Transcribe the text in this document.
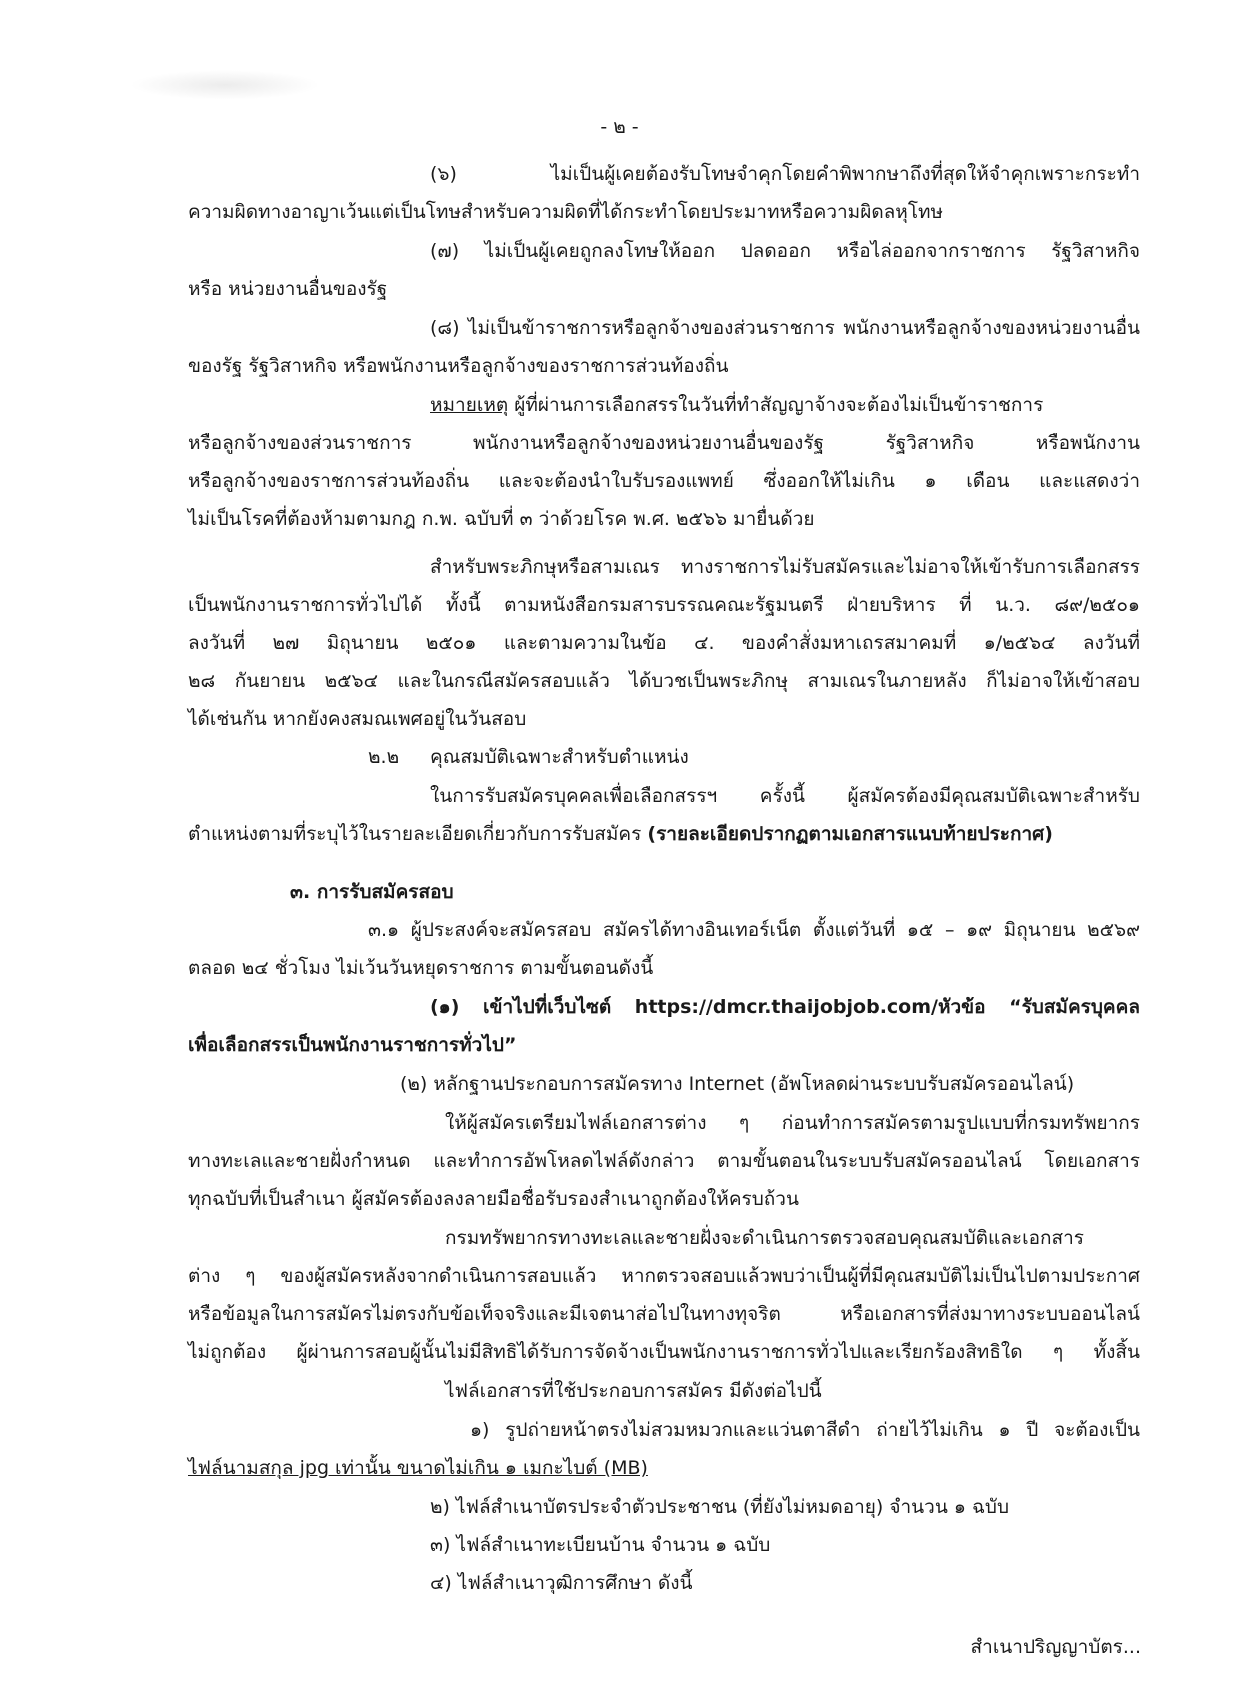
- ๒ -
(๖) ไม่เป็นผู้เคยต้องรับโทษจำคุกโดยคำพิพากษาถึงที่สุดให้จำคุกเพราะกระทำ
ความผิดทางอาญาเว้นแต่เป็นโทษสำหรับความผิดที่ได้กระทำโดยประมาทหรือความผิดลหุโทษ
(๗) ไม่เป็นผู้เคยถูกลงโทษให้ออก ปลดออก หรือไล่ออกจากราชการ รัฐวิสาหกิจ
หรือ หน่วยงานอื่นของรัฐ
(๘) ไม่เป็นข้าราชการหรือลูกจ้างของส่วนราชการ พนักงานหรือลูกจ้างของหน่วยงานอื่น
ของรัฐ รัฐวิสาหกิจ หรือพนักงานหรือลูกจ้างของราชการส่วนท้องถิ่น
หมายเหตุ ผู้ที่ผ่านการเลือกสรรในวันที่ทำสัญญาจ้างจะต้องไม่เป็นข้าราชการ
หรือลูกจ้างของส่วนราชการ พนักงานหรือลูกจ้างของหน่วยงานอื่นของรัฐ รัฐวิสาหกิจ หรือพนักงาน
หรือลูกจ้างของราชการส่วนท้องถิ่น และจะต้องนำใบรับรองแพทย์ ซึ่งออกให้ไม่เกิน ๑ เดือน และแสดงว่า
ไม่เป็นโรคที่ต้องห้ามตามกฎ ก.พ. ฉบับที่ ๓ ว่าด้วยโรค พ.ศ. ๒๕๖๖ มายื่นด้วย
สำหรับพระภิกษุหรือสามเณร ทางราชการไม่รับสมัครและไม่อาจให้เข้ารับการเลือกสรร
เป็นพนักงานราชการทั่วไปได้ ทั้งนี้ ตามหนังสือกรมสารบรรณคณะรัฐมนตรี ฝ่ายบริหาร ที่ น.ว. ๘๙/๒๕๐๑
ลงวันที่ ๒๗ มิถุนายน ๒๕๐๑ และตามความในข้อ ๔. ของคำสั่งมหาเถรสมาคมที่ ๑/๒๕๖๔ ลงวันที่
๒๘ กันยายน ๒๕๖๔ และในกรณีสมัครสอบแล้ว ได้บวชเป็นพระภิกษุ สามเณรในภายหลัง ก็ไม่อาจให้เข้าสอบ
ได้เช่นกัน หากยังคงสมณเพศอยู่ในวันสอบ
๒.๒ คุณสมบัติเฉพาะสำหรับตำแหน่ง
ในการรับสมัครบุคคลเพื่อเลือกสรรฯ ครั้งนี้ ผู้สมัครต้องมีคุณสมบัติเฉพาะสำหรับ
ตำแหน่งตามที่ระบุไว้ในรายละเอียดเกี่ยวกับการรับสมัคร (รายละเอียดปรากฏตามเอกสารแนบท้ายประกาศ)
๓. การรับสมัครสอบ
๓.๑ ผู้ประสงค์จะสมัครสอบ สมัครได้ทางอินเทอร์เน็ต ตั้งแต่วันที่ ๑๕ – ๑๙ มิถุนายน ๒๕๖๙
ตลอด ๒๔ ชั่วโมง ไม่เว้นวันหยุดราชการ ตามขั้นตอนดังนี้
(๑) เข้าไปที่เว็บไซต์ https://dmcr.thaijobjob.com/หัวข้อ “รับสมัครบุคคล
เพื่อเลือกสรรเป็นพนักงานราชการทั่วไป”
(๒) หลักฐานประกอบการสมัครทาง Internet (อัพโหลดผ่านระบบรับสมัครออนไลน์)
ให้ผู้สมัครเตรียมไฟล์เอกสารต่าง ๆ ก่อนทำการสมัครตามรูปแบบที่กรมทรัพยากร
ทางทะเลและชายฝั่งกำหนด และทำการอัพโหลดไฟล์ดังกล่าว ตามขั้นตอนในระบบรับสมัครออนไลน์ โดยเอกสาร
ทุกฉบับที่เป็นสำเนา ผู้สมัครต้องลงลายมือชื่อรับรองสำเนาถูกต้องให้ครบถ้วน
กรมทรัพยากรทางทะเลและชายฝั่งจะดำเนินการตรวจสอบคุณสมบัติและเอกสาร
ต่าง ๆ ของผู้สมัครหลังจากดำเนินการสอบแล้ว หากตรวจสอบแล้วพบว่าเป็นผู้ที่มีคุณสมบัติไม่เป็นไปตามประกาศ
หรือข้อมูลในการสมัครไม่ตรงกับข้อเท็จจริงและมีเจตนาส่อไปในทางทุจริต หรือเอกสารที่ส่งมาทางระบบออนไลน์
ไม่ถูกต้อง ผู้ผ่านการสอบผู้นั้นไม่มีสิทธิได้รับการจัดจ้างเป็นพนักงานราชการทั่วไปและเรียกร้องสิทธิใด ๆ ทั้งสิ้น
ไฟล์เอกสารที่ใช้ประกอบการสมัคร มีดังต่อไปนี้
๑) รูปถ่ายหน้าตรงไม่สวมหมวกและแว่นตาสีดำ ถ่ายไว้ไม่เกิน ๑ ปี จะต้องเป็น
ไฟล์นามสกุล jpg เท่านั้น ขนาดไม่เกิน ๑ เมกะไบต์ (MB)
๒) ไฟล์สำเนาบัตรประจำตัวประชาชน (ที่ยังไม่หมดอายุ) จำนวน ๑ ฉบับ
๓) ไฟล์สำเนาทะเบียนบ้าน จำนวน ๑ ฉบับ
๔) ไฟล์สำเนาวุฒิการศึกษา ดังนี้
สำเนาปริญญาบัตร...
